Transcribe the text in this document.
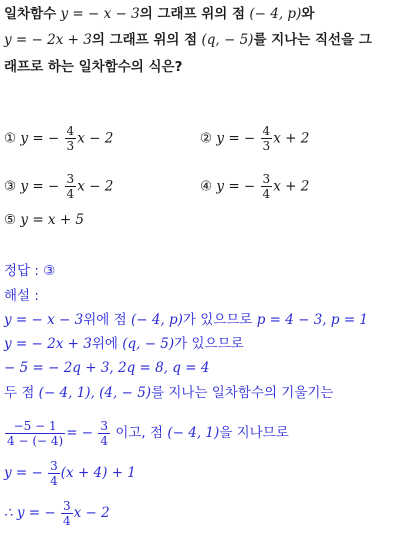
일차함수 y = − x − 3의 그래프 위의 점 (− 4, p)와
y = − 2x + 3의 그래프 위의 점 (q, − 5)를 지나는 직선을 그
래프로 하는 일차함수의 식은?
① y = − $\frac{4}{3}$ x − 2	② y = − $\frac{4}{3}$ x + 2
③ y = − $\frac{3}{4}$ x − 2	④ y = − $\frac{3}{4}$ x + 2
⑤ y = x + 5
정답 : ③
해설 :
y = − x − 3위에 점 (− 4, p)가 있으므로 p = 4 − 3, p = 1
y = − 2x + 3위에 (q, − 5)가 있으므로
− 5 = − 2q + 3, 2q = 8, q = 4
두 점 (− 4, 1), (4, − 5)를 지나는 일차함수의 기울기는
$\frac{-5 - 1}{4 - (- 4)}$ = − $\frac{3}{4}$ 이고, 점 (− 4, 1)을 지나므로
y = − $\frac{3}{4} (x + 4) + 1$
∴ y = − $\frac{3}{4}$ x − 2
